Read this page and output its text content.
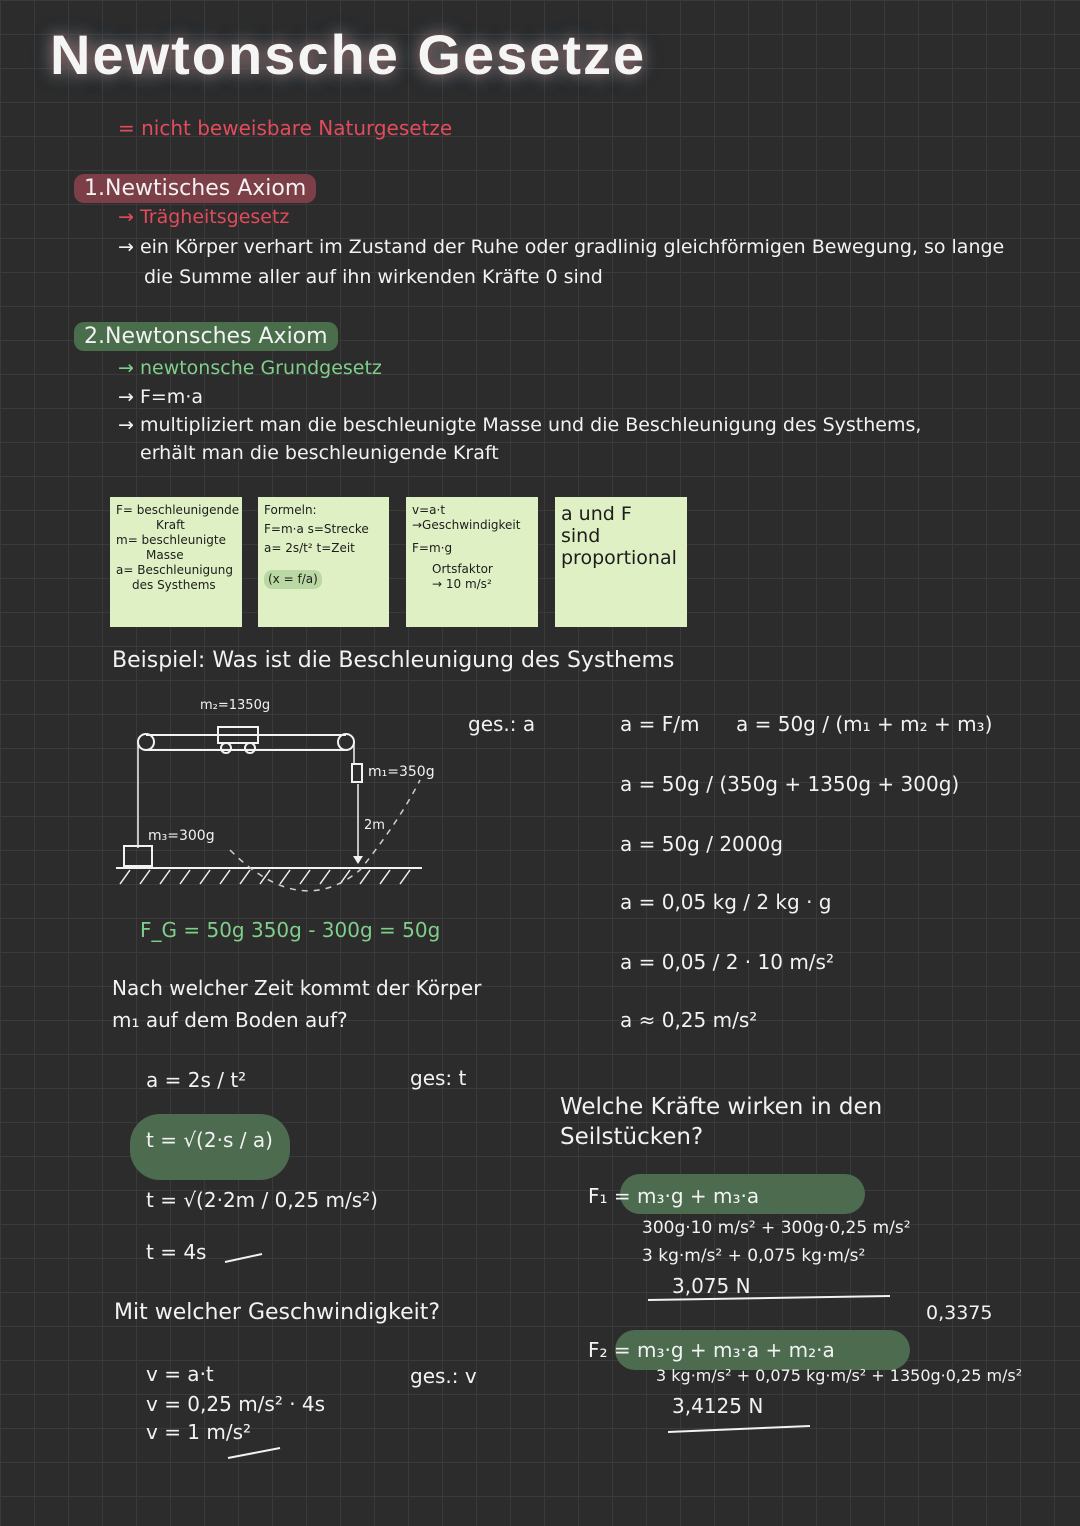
Newtonsche Gesetze
= nicht beweisbare Naturgesetze
1.Newtisches Axiom
→ Trägheitsgesetz
→ ein Körper verhart im Zustand der Ruhe oder gradlinig gleichförmigen Bewegung, so lange
die Summe aller auf ihn wirkenden Kräfte 0 sind
2.Newtonsches Axiom
→ newtonsche Grundgesetz
→ F=m·a
→ multipliziert man die beschleunigte Masse und die Beschleunigung des Systhems,
erhält man die beschleunigende Kraft
F= beschleunigende
Kraft
m= beschleunigte
Masse
a= Beschleunigung
des Systhems
Formeln:
F=m·a s=Strecke
a= 2s/t² t=Zeit
(x = f/a)
v=a·t
→Geschwindigkeit
F=m·g
Ortsfaktor
→ 10 m/s²
a und F
sind
proportional
Beispiel: Was ist die Beschleunigung des Systhems
m₂=1350g
m₁=350g
m₃=300g
2m
ges.: a
F_G = 50g 350g - 300g = 50g
Nach welcher Zeit kommt der Körper
m₁ auf dem Boden auf?
a = F/m a = 50g / (m₁ + m₂ + m₃)
a = 50g / (350g + 1350g + 300g)
a = 50g / 2000g
a = 0,05 kg / 2 kg · g
a = 0,05 / 2 · 10 m/s²
a ≈ 0,25 m/s²
a = 2s / t²	ges: t
t = √(2·s / a)
t = √(2·2m / 0,25 m/s²)
t = 4s
Mit welcher Geschwindigkeit?
ges.: v
v = a·t
v = 0,25 m/s² · 4s
v = 1 m/s²
Welche Kräfte wirken in den
Seilstücken?
F₁ = m₃·g + m₃·a
300g·10 m/s² + 300g·0,25 m/s²
3 kg·m/s² + 0,075 kg·m/s²
3,075 N
0,3375
F₂ = m₃·g + m₃·a + m₂·a
3 kg·m/s² + 0,075 kg·m/s² + 1350g·0,25 m/s²
3,4125 N
